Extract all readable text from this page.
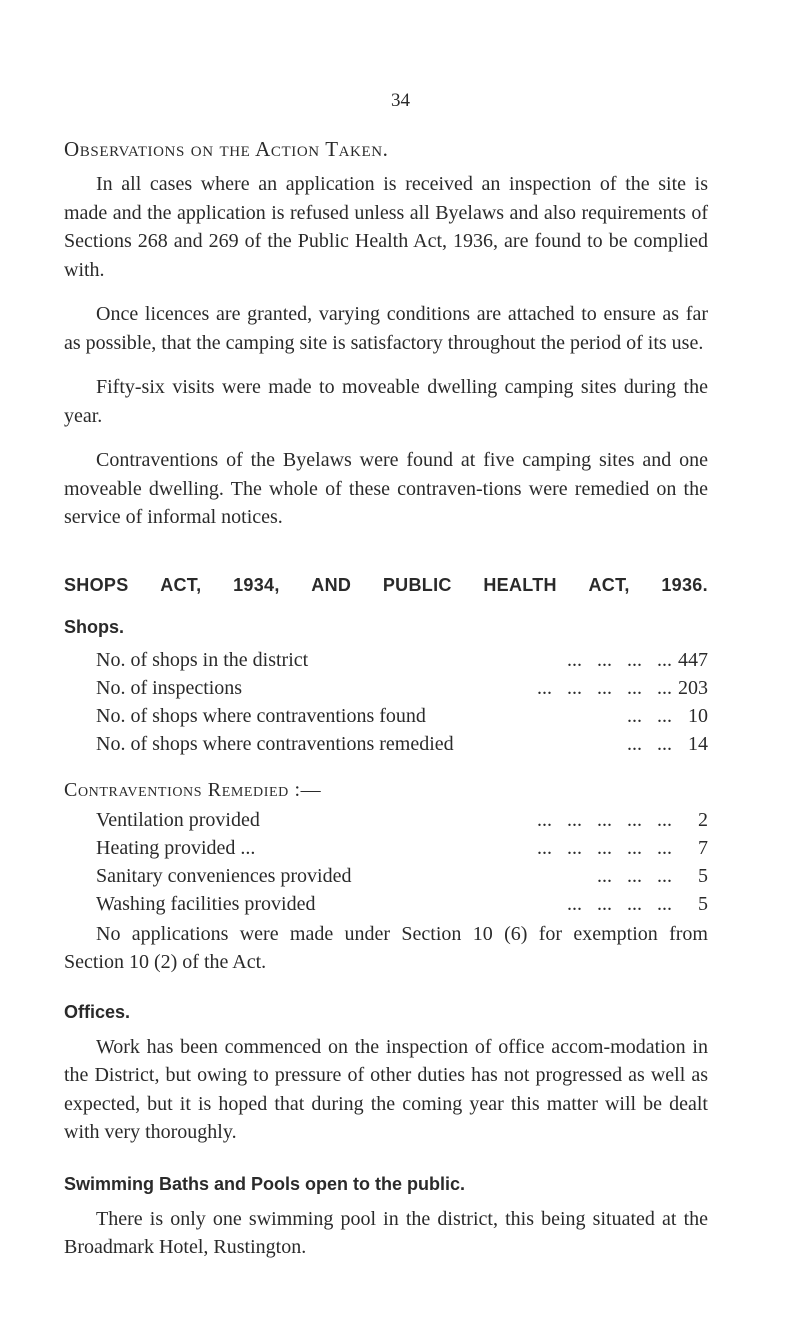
34
Observations on the Action Taken.

In all cases where an application is received an inspection of the site is made and the application is refused unless all Byelaws and also requirements of Sections 268 and 269 of the Public Health Act, 1936, are found to be complied with.

Once licences are granted, varying conditions are attached to ensure as far as possible, that the camping site is satisfactory throughout the period of its use.

Fifty-six visits were made to moveable dwelling camping sites during the year.

Contraventions of the Byelaws were found at five camping sites and one moveable dwelling. The whole of these contraven-tions were remedied on the service of informal notices.

SHOPS ACT, 1934, AND PUBLIC HEALTH ACT, 1936.
Shops.
No. of shops in the district	...   ...   ...   ... 447
No. of inspections	...   ...   ...   ...   ... 203
No. of shops where contraventions found	...   ... 10
No. of shops where contraventions remedied	...   ... 14
Contraventions Remedied :—
Ventilation provided	...   ...   ...   ...   ...	2
Heating provided ...	...   ...   ...   ...   ...	7
Sanitary conveniences provided	...   ...   ...	5
Washing facilities provided	...   ...   ...   ...	5

No applications were made under Section 10 (6) for exemption from Section 10 (2) of the Act.

Offices.

Work has been commenced on the inspection of office accom-modation in the District, but owing to pressure of other duties has not progressed as well as expected, but it is hoped that during the coming year this matter will be dealt with very thoroughly.

Swimming Baths and Pools open to the public.

There is only one swimming pool in the district, this being situated at the Broadmark Hotel, Rustington.
